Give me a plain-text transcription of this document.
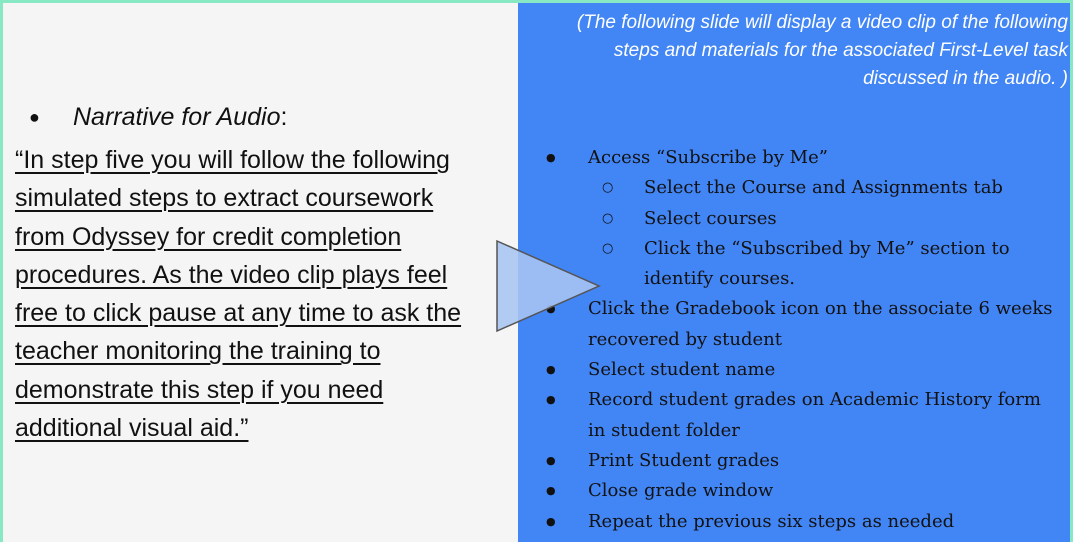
● Narrative for Audio:

“In step five you will follow the following simulated steps to extract coursework from Odyssey for credit completion procedures. As the video clip plays feel free to click pause at any time to ask the teacher monitoring the training to demonstrate this step if you need additional visual aid.”

(The following slide will display a video clip of the following steps and materials for the associated First-Level task discussed in the audio. )

● Access “Subscribe by Me”
○ Select the Course and Assignments tab
○ Select courses
○ Click the “Subscribed by Me” section to identify courses.
● Click the Gradebook icon on the associate 6 weeks recovered by student
● Select student name
● Record student grades on Academic History form in student folder
● Print Student grades
● Close grade window
● Repeat the previous six steps as needed
